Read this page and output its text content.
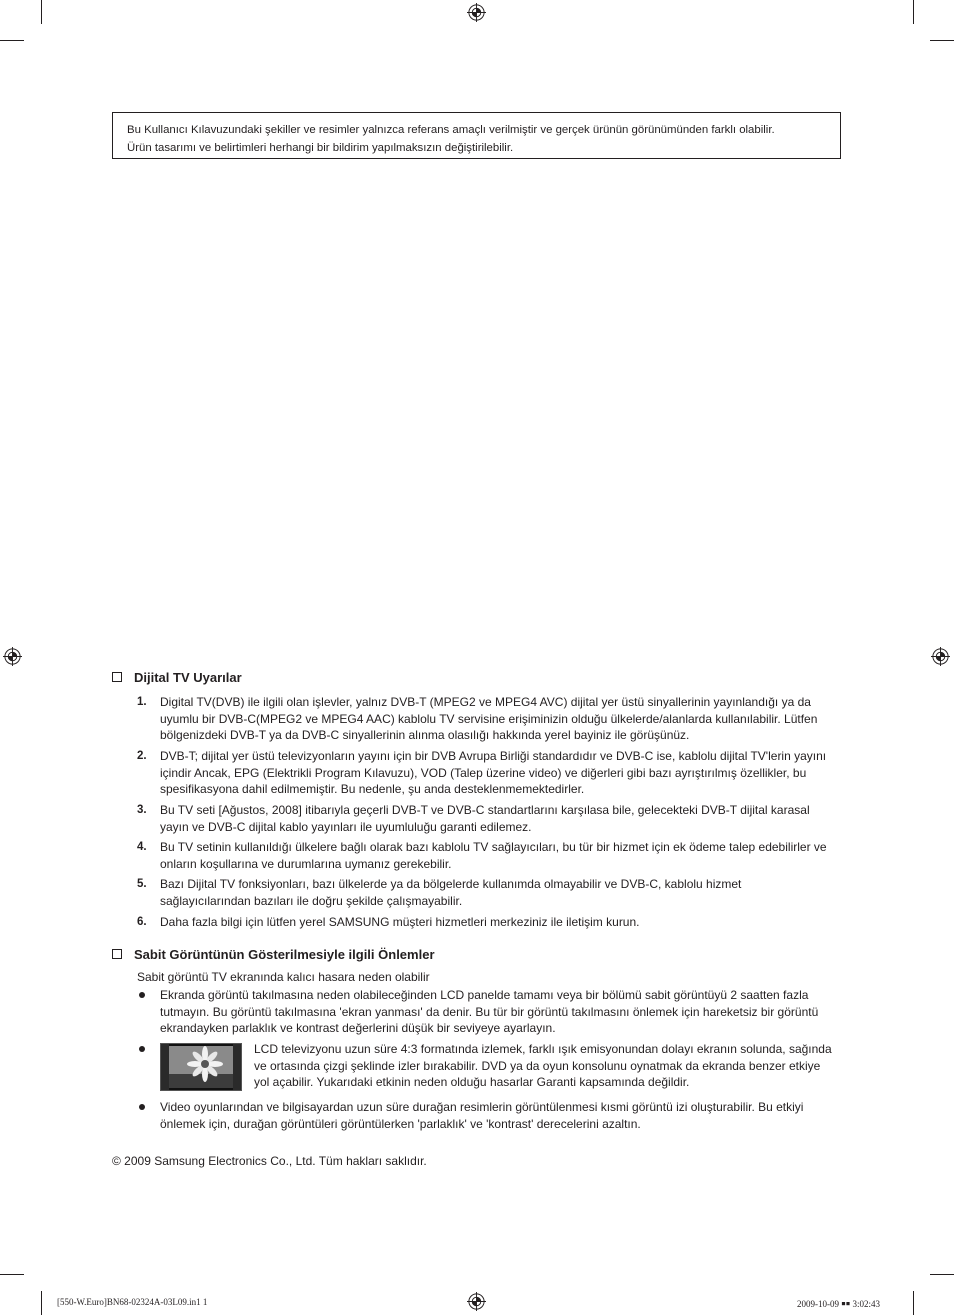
Bu Kullanıcı Kılavuzundaki şekiller ve resimler yalnızca referans amaçlı verilmiştir ve gerçek ürünün görünümünden farklı olabilir.

Ürün tasarımı ve belirtimleri herhangi bir bildirim yapılmaksızın değiştirilebilir.

Dijital TV Uyarılar
1. Digital TV(DVB) ile ilgili olan işlevler, yalnız DVB-T (MPEG2 ve MPEG4 AVC) dijital yer üstü sinyallerinin yayınlandığı ya da
uyumlu bir DVB-C(MPEG2 ve MPEG4 AAC) kablolu TV servisine erişiminizin olduğu ülkelerde/alanlarda kullanılabilir. Lütfen
bölgenizdeki DVB-T ya da DVB-C sinyallerinin alınma olasılığı hakkında yerel bayiniz ile görüşünüz.
2. DVB-T; dijital yer üstü televizyonların yayını için bir DVB Avrupa Birliği standardıdır ve DVB-C ise, kablolu dijital TV'lerin yayını
içindir Ancak, EPG (Elektrikli Program Kılavuzu), VOD (Talep üzerine video) ve diğerleri gibi bazı ayrıştırılmış özellikler, bu
spesifikasyona dahil edilmemiştir. Bu nedenle, şu anda desteklenmemektedirler.
3. Bu TV seti [Ağustos, 2008] itibarıyla geçerli DVB-T ve DVB-C standartlarını karşılasa bile, gelecekteki DVB-T dijital karasal
yayın ve DVB-C dijital kablo yayınları ile uyumluluğu garanti edilemez.
4. Bu TV setinin kullanıldığı ülkelere bağlı olarak bazı kablolu TV sağlayıcıları, bu tür bir hizmet için ek ödeme talep edebilirler ve
onların koşullarına ve durumlarına uymanız gerekebilir.
5. Bazı Dijital TV fonksiyonları, bazı ülkelerde ya da bölgelerde kullanımda olmayabilir ve DVB-C, kablolu hizmet
sağlayıcılarından bazıları ile doğru şekilde çalışmayabilir.
6. Daha fazla bilgi için lütfen yerel SAMSUNG müşteri hizmetleri merkeziniz ile iletişim kurun.
Sabit Görüntünün Gösterilmesiyle ilgili Önlemler
Sabit görüntü TV ekranında kalıcı hasara neden olabilir
Ekranda görüntü takılmasına neden olabileceğinden LCD panelde tamamı veya bir bölümü sabit görüntüyü 2 saatten fazla
tutmayın. Bu görüntü takılmasına 'ekran yanması' da denir. Bu tür bir görüntü takılmasını önlemek için hareketsiz bir görüntü
ekrandayken parlaklık ve kontrast değerlerini düşük bir seviyeye ayarlayın.
LCD televizyonu uzun süre 4:3 formatında izlemek, farklı ışık emisyonundan dolayı ekranın solunda, sağında
ve ortasında çizgi şeklinde izler bırakabilir. DVD ya da oyun konsolunu oynatmak da ekranda benzer etkiye
yol açabilir. Yukarıdaki etkinin neden olduğu hasarlar Garanti kapsamında değildir.
Video oyunlarından ve bilgisayardan uzun süre durağan resimlerin görüntülenmesi kısmi görüntü izi oluşturabilir. Bu etkiyi
önlemek için, durağan görüntüleri görüntülerken 'parlaklık' ve 'kontrast' derecelerini azaltın.
© 2009 Samsung Electronics Co., Ltd. Tüm hakları saklıdır.
[550-W.Euro]BN68-02324A-03L09.in1 1	2009-10-09 ￭￭ 3:02:43
